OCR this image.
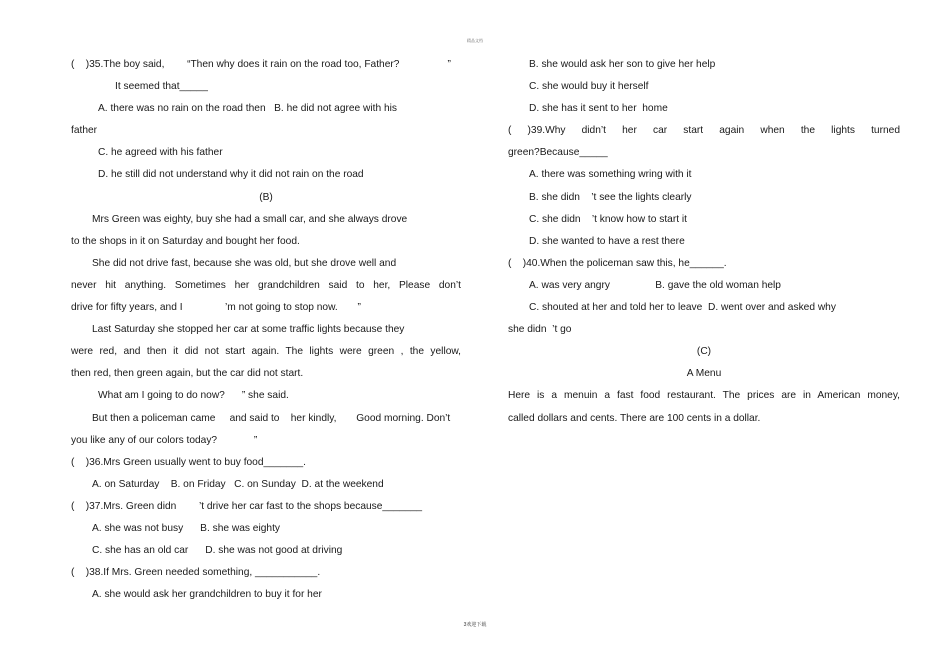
精品文档
(    )35.The boy said,        “Then why does it rain on the road too, Father?                 ”
It seemed that_____
A. there was no rain on the road then   B. he did not agree with his
father
C. he agreed with his father
D. he still did not understand why it did not rain on the road
(B)
Mrs Green was eighty, buy she had a small car, and she always drove
to the shops in it on Saturday and bought her food.
She did not drive fast, because she was old, but she drove well and
never hit anything. Sometimes her grandchildren said to her, Please don’t
drive for fifty years, and I               ’m not going to stop now.       ”
Last Saturday she stopped her car at some traffic lights because they
were red, and then it did not start again. The lights were green , the yellow,
then red, then green again, but the car did not start.
What am I going to do now?      ” she said.
But then a policeman came     and said to    her kindly,       Good morning. Don’t
you like any of our colors today?             ”
(    )36.Mrs Green usually went to buy food_______.
A. on Saturday    B. on Friday   C. on Sunday  D. at the weekend
(    )37.Mrs. Green didn        ’t drive her car fast to the shops because_______
A. she was not busy      B. she was eighty
C. she has an old car      D. she was not good at driving
(    )38.If Mrs. Green needed something, ___________.
A. she would ask her grandchildren to buy it for her
B. she would ask her son to give her help
C. she would buy it herself
D. she has it sent to her  home
( )39.Why didn’t her car start again when the lights turned
green?Because_____
A. there was something wring with it
B. she didn    ’t see the lights clearly
C. she didn    ’t know how to start it
D. she wanted to have a rest there
(    )40.When the policeman saw this, he______.
A. was very angry                B. gave the old woman help
C. shouted at her and told her to leave  D. went over and asked why
she didn  ’t go
(C)
A Menu
Here is a menuin a fast food restaurant. The prices are in American money,
called dollars and cents. There are 100 cents in a dollar.
3欢迎下载
